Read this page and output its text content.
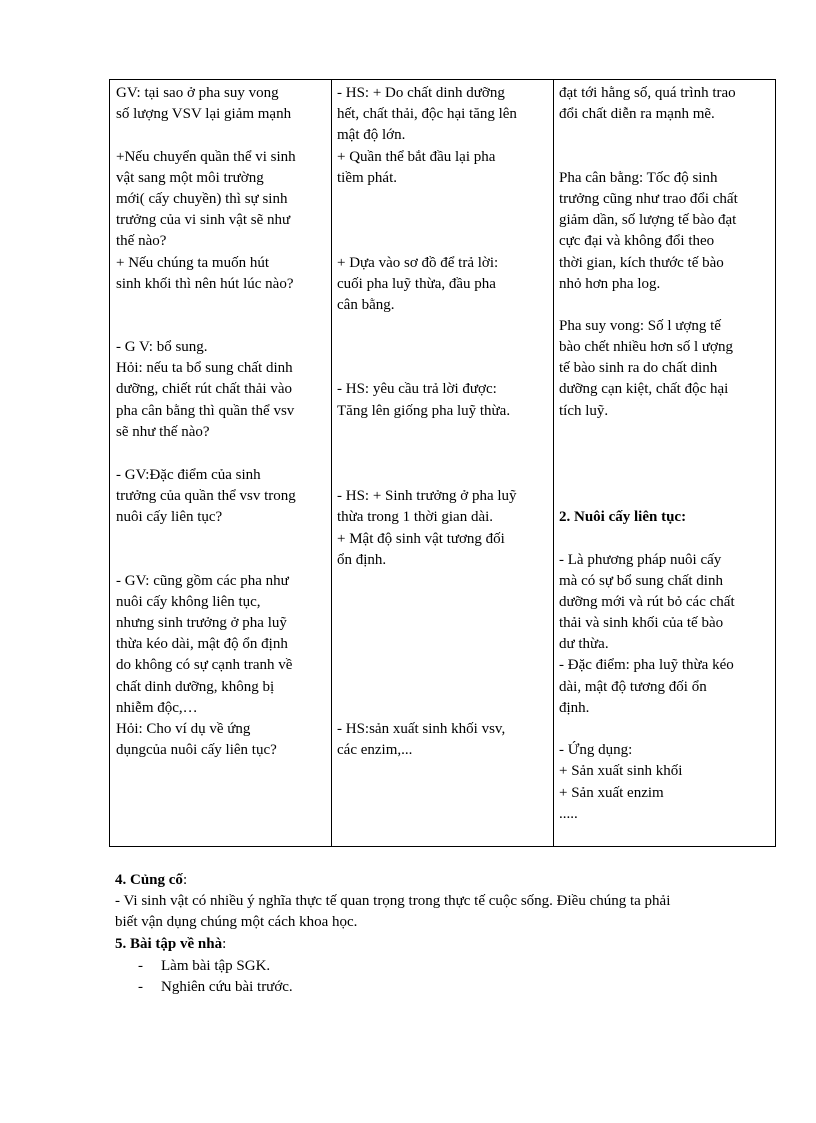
GV: tại sao ở pha suy vong
số lượng VSV lại giảm mạnh
+Nếu chuyển quần thể vi sinh
vật sang một môi trường
mới( cấy chuyền) thì sự sinh
trưởng của vi sinh vật sẽ như
thế nào?
+ Nếu chúng ta muốn hút
sinh khối thì nên hút lúc nào?
- G V: bổ sung.
Hỏi: nếu ta bổ sung chất dinh
dưỡng, chiết rút chất thải vào
pha cân bằng thì quần thể vsv
sẽ như thế nào?
- GV:Đặc điểm của sinh
trưởng của quần thể vsv trong
nuôi cấy liên tục?
- GV: cũng gồm các pha như
nuôi cấy không liên tục,
nhưng sinh trưởng ở pha luỹ
thừa kéo dài, mật độ ổn định
do không có sự cạnh tranh về
chất dinh dưỡng, không bị
nhiễm độc,…
Hỏi: Cho ví dụ về ứng
dụngcủa nuôi cấy liên tục?
- HS: + Do chất dinh dưỡng
hết, chất thải, độc hại tăng lên
mật độ lớn.
+ Quần thể bắt đầu lại pha
tiềm phát.
+ Dựa vào sơ đồ để trả lời:
cuối pha luỹ thừa, đầu pha
cân bằng.
- HS: yêu cầu trả lời được:
Tăng lên giống pha luỹ thừa.
- HS: + Sinh trưởng ở pha luỹ
thừa trong 1 thời gian dài.
+ Mật độ sinh vật tương đối
ổn định.
- HS:sản xuất sinh khối vsv,
các enzim,...
đạt tới hằng số, quá trình trao
đổi chất diễn ra mạnh mẽ.
Pha cân bằng: Tốc độ sinh
trưởng cũng như trao đổi chất
giảm dần, số lượng tế bào đạt
cực đại và không đổi theo
thời gian, kích thước tế bào
nhỏ hơn pha log.
Pha suy vong: Số l ượng tế
bào chết nhiều hơn số l ượng
tế bào sinh ra do chất dinh
dưỡng cạn kiệt, chất độc hại
tích luỹ.
2. Nuôi cấy liên tục:
- Là phương pháp nuôi cấy
mà có sự bổ sung chất dinh
dưỡng mới và rút bỏ các chất
thải và sinh khối của tế bào
dư thừa.
- Đặc điểm: pha luỹ thừa kéo
dài, mật độ tương đối ổn
định.
- Ứng dụng:
+ Sản xuất sinh khối
+ Sản xuất enzim
.....
4. Củng cố:
- Vi sinh vật có nhiều ý nghĩa thực tế quan trọng trong thực tế cuộc sống. Điều chúng ta phải
biết vận dụng chúng một cách khoa học.
5. Bài tập về nhà:
- Làm bài tập SGK.
- Nghiên cứu bài trước.
